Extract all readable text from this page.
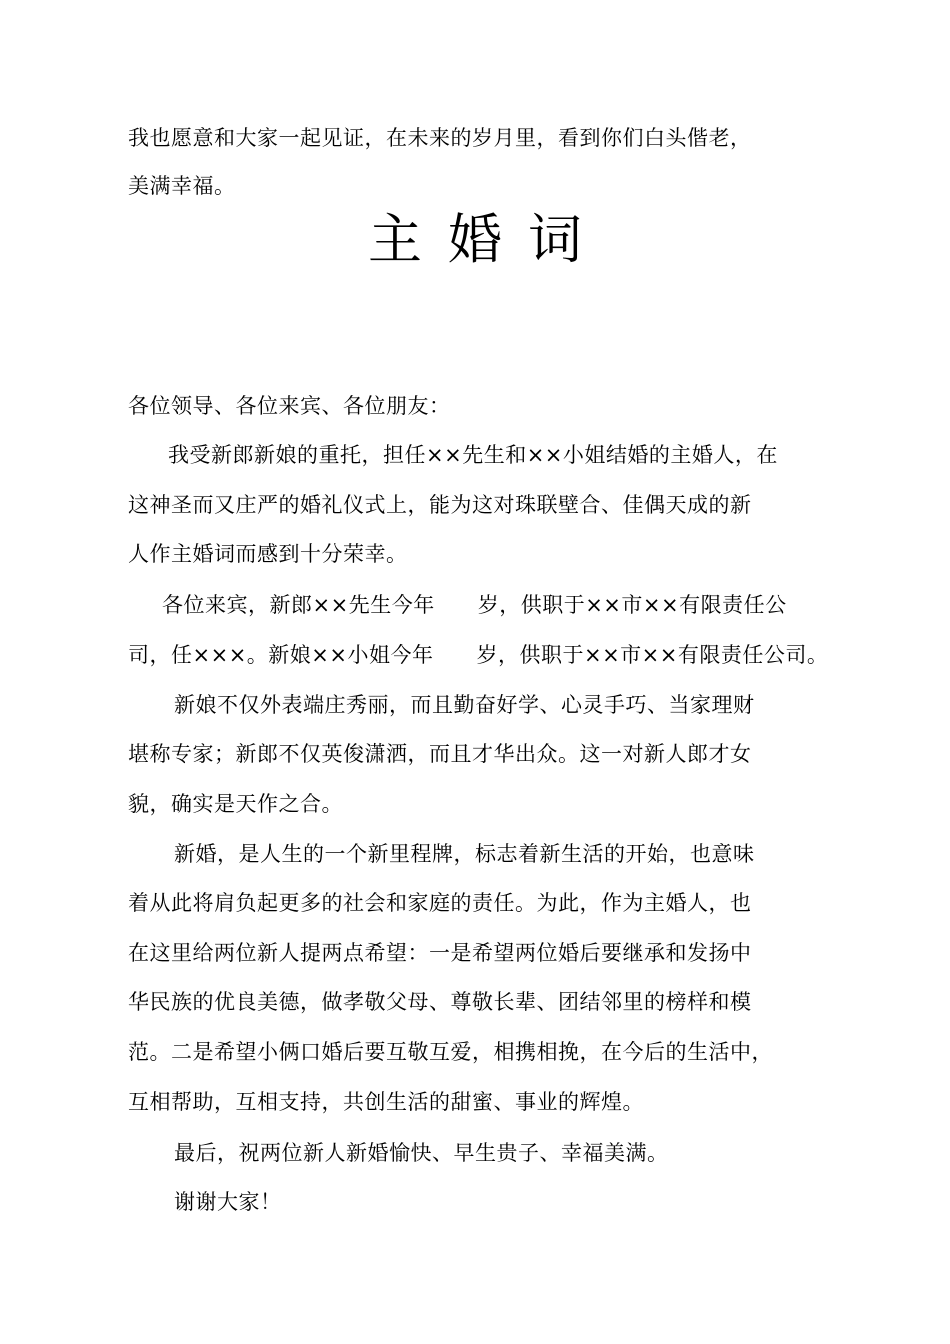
我也愿意和大家一起见证，在未来的岁月里，看到你们白头偕老，
美满幸福。
主婚词
各位领导、各位来宾、各位朋友：
我受新郎新娘的重托，担任××先生和××小姐结婚的主婚人，在
这神圣而又庄严的婚礼仪式上，能为这对珠联壁合、佳偶天成的新
人作主婚词而感到十分荣幸。
各位来宾，新郎××先生今年　　岁，供职于××市××有限责任公
司，任×××。新娘××小姐今年　　岁，供职于××市××有限责任公司。
新娘不仅外表端庄秀丽，而且勤奋好学、心灵手巧、当家理财
堪称专家；新郎不仅英俊潇洒，而且才华出众。这一对新人郎才女
貌，确实是天作之合。
新婚，是人生的一个新里程牌，标志着新生活的开始，也意味
着从此将肩负起更多的社会和家庭的责任。为此，作为主婚人，也
在这里给两位新人提两点希望：一是希望两位婚后要继承和发扬中
华民族的优良美德，做孝敬父母、尊敬长辈、团结邻里的榜样和模
范。二是希望小俩口婚后要互敬互爱，相携相挽，在今后的生活中，
互相帮助，互相支持，共创生活的甜蜜、事业的辉煌。
最后，祝两位新人新婚愉快、早生贵子、幸福美满。
谢谢大家！
